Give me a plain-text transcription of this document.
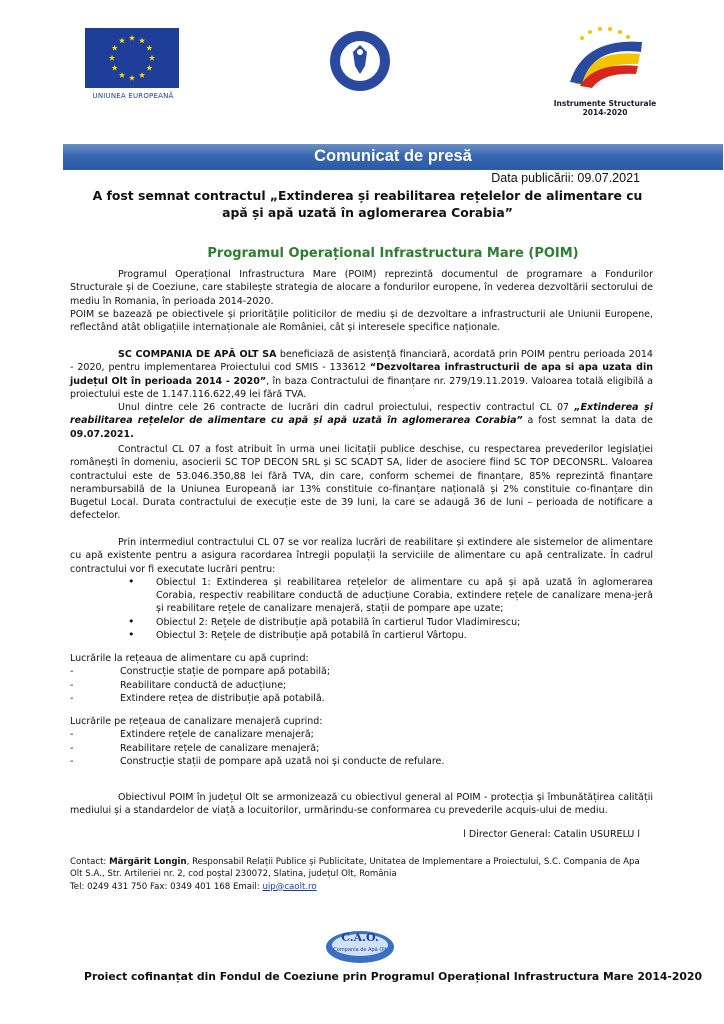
UNIUNEA EUROPEANĂ
Instrumente Structurale
2014-2020
Comunicat de presă
Data publicării: 09.07.2021
A fost semnat contractul „Extinderea și reabilitarea rețelelor de alimentare cu apă și apă uzată în aglomerarea Corabia”
Programul Operațional Infrastructura Mare (POIM)

Programul Operațional Infrastructura Mare (POIM) reprezintă documentul de programare a Fondurilor Structurale și de Coeziune, care stabilește strategia de alocare a fondurilor europene, în vederea dezvoltării sectorului de mediu în Romania, în perioada 2014-2020.

POIM se bazează pe obiectivele și prioritățile politicilor de mediu și de dezvoltare a infrastructurii ale Uniunii Europene, reflectând atât obligațiile internaționale ale României, cât și interesele specifice naționale.

SC COMPANIA DE APĂ OLT SA beneficiază de asistență financiară, acordată prin POIM pentru perioada 2014 - 2020, pentru implementarea Proiectului cod SMIS - 133612 “Dezvoltarea infrastructurii de apa si apa uzata din județul Olt în perioada 2014 - 2020”, în baza Contractului de finanțare nr. 279/19.11.2019. Valoarea totală eligibilă a proiectului este de 1.147.116.622,49 lei fără TVA.

Unul dintre cele 26 contracte de lucrări din cadrul proiectului, respectiv contractul CL 07 „Extinderea și reabilitarea rețelelor de alimentare cu apă și apă uzată în aglomerarea Corabia” a fost semnat la data de 09.07.2021.

Contractul CL 07 a fost atribuit în urma unei licitații publice deschise, cu respectarea prevederilor legislației românești în domeniu, asocierii SC TOP DECON SRL și SC SCADT SA, lider de asociere fiind SC TOP DECONSRL. Valoarea contractului este de 53.046.350,88 lei fără TVA, din care, conform schemei de finanțare, 85% reprezintă finanțare nerambursabilă de la Uniunea Europeană iar 13% constituie co-finanțare națională și 2% constituie co-finanțare din Bugetul Local. Durata contractului de execuție este de 39 luni, la care se adaugă 36 de luni – perioada de notificare a defectelor.

Prin intermediul contractului CL 07 se vor realiza lucrări de reabilitare și extindere ale sistemelor de alimentare cu apă existente pentru a asigura racordarea întregii populații la serviciile de alimentare cu apă centralizate. În cadrul contractului vor fi executate lucrări pentru:

• Obiectul 1: Extinderea și reabilitarea rețelelor de alimentare cu apă și apă uzată în aglomerarea Corabia, respectiv reabilitare conductă de aducțiune Corabia, extindere rețele de canalizare mena-jeră și reabilitare rețele de canalizare menajeră, stații de pompare ape uzate;
• Obiectul 2: Rețele de distribuție apă potabilă în cartierul Tudor Vladimirescu;
• Obiectul 3: Rețele de distribuție apă potabilă în cartierul Vârtopu.

Lucrările la rețeaua de alimentare cu apă cuprind:

- Construcție stație de pompare apă potabilă;
- Reabilitare conductă de aducțiune;
- Extindere rețea de distribuție apă potabilă.

Lucrările pe rețeaua de canalizare menajeră cuprind:

- Extindere rețele de canalizare menajeră;
- Reabilitare rețele de canalizare menajeră;
- Construcție stații de pompare apă uzată noi și conducte de refulare.

Obiectivul POIM în județul Olt se armonizează cu obiectivul general al POIM - protecția și îmbunătățirea calității mediului și a standardelor de viață a locuitorilor, urmărindu-se conformarea cu prevederile acquis-ului de mediu.

l Director General: Catalin USURELU l
Contact: Mărgărit Longin, Responsabil Relații Publice și Publicitate, Unitatea de Implementare a Proiectului, S.C. Compania de Apa Olt S.A., Str. Artileriei nr. 2, cod poștal 230072, Slatina, județul Olt, România
Tel: 0249 431 750 Fax: 0349 401 168 Email: uip@caolt.ro
C.A.O.
Compania de Apă Olt
Proiect cofinanțat din Fondul de Coeziune prin Programul Operațional Infrastructura Mare 2014-2020
